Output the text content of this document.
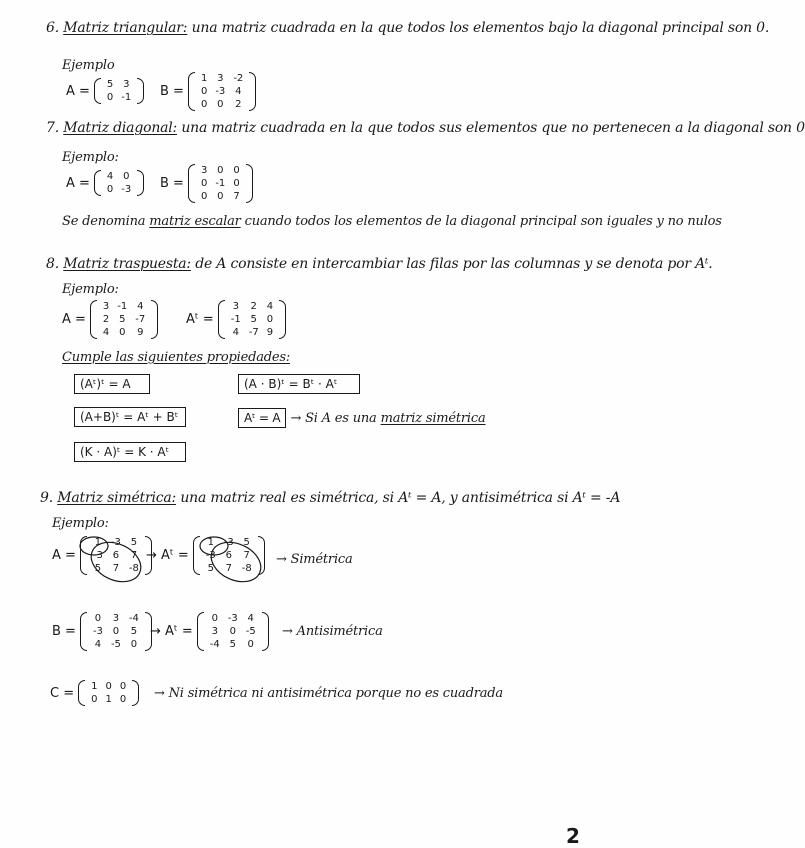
6. Matriz triangular: una matriz cuadrada en la que todos los elementos bajo la diagonal principal son 0.
Ejemplo
A = 5	3
0	-1 B =
1	3	-2
0	-3	4
0	0	2
7. Matriz diagonal: una matriz cuadrada en la que todos sus elementos que no pertenecen a la diagonal son 0
Ejemplo:
A = 4	0
0	-3 B =
3	0	0
0	-1	0
0	0	7
Se denomina matriz escalar cuando todos los elementos de la diagonal principal son iguales y no nulos
8. Matriz traspuesta: de A consiste en intercambiar las filas por las columnas y se denota por Aᵗ.
Ejemplo:
A =
3	-1	4
2	5	-7
4	0	9
Aᵗ =
3	2	4
-1	5	0
4	-7	9
Cumple las siguientes propiedades:
(Aᵗ)ᵗ = A
(A+B)ᵗ = Aᵗ + Bᵗ
(K · A)ᵗ = K · Aᵗ
(A · B)ᵗ = Bᵗ · Aᵗ
Aᵗ = A → Si A es una matriz simétrica
9. Matriz simétrica: una matriz real es simétrica, si Aᵗ = A, y antisimétrica si Aᵗ = -A
Ejemplo:
A =
1	-3	5
-3	6	7
5	7	-8
→ Aᵗ =
1	-3	5
-3	6	7
5	7	-8
→ Simétrica
B =
0	3	-4
-3	0	5
4	-5	0
→ Aᵗ =
0	-3	4
3	0	-5
-4	5	0
→ Antisimétrica
C = 1	0	0
0	1	0 → Ni simétrica ni antisimétrica porque no es cuadrada
2
